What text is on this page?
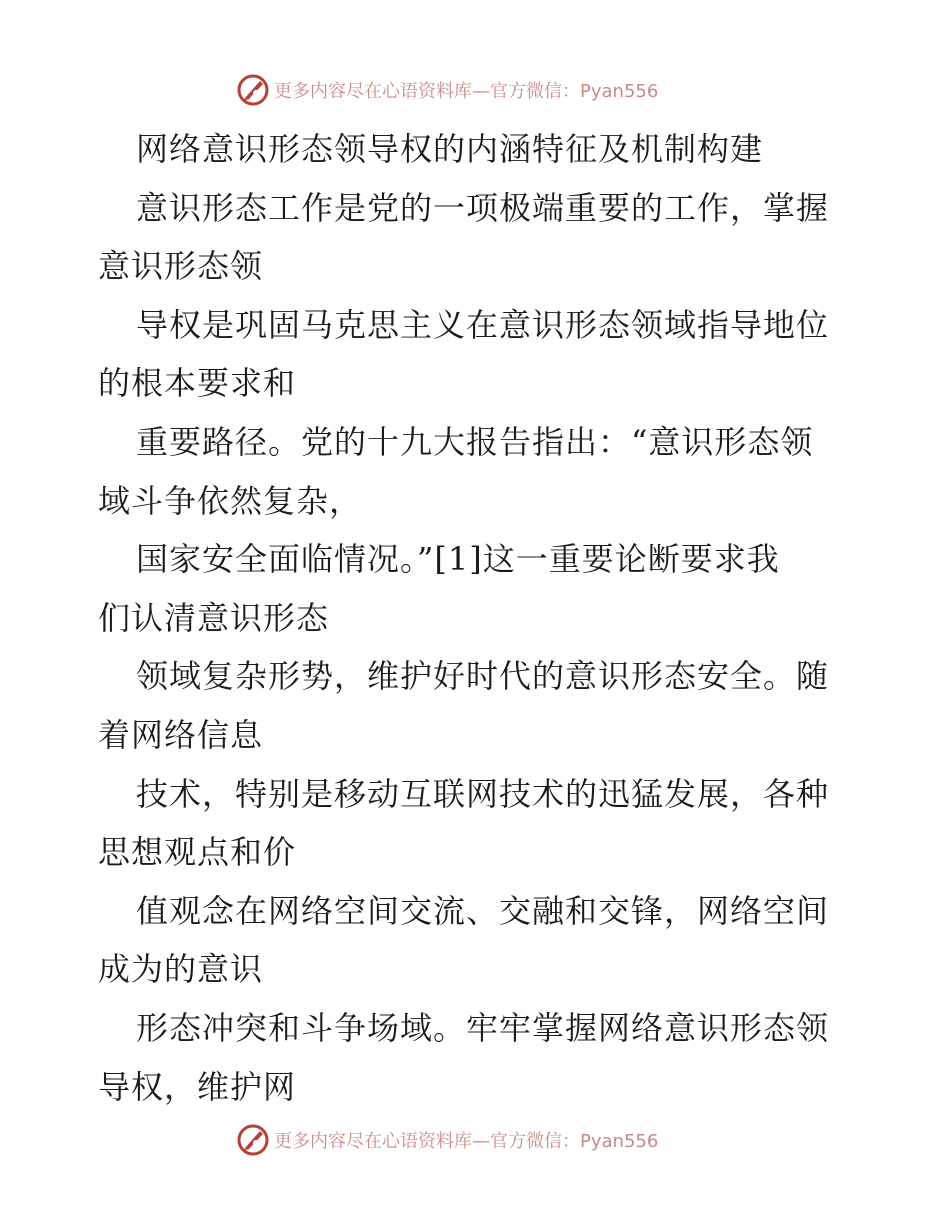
更多内容尽在心语资料库—官方微信：Pyan556
网络意识形态领导权的内涵特征及机制构建
意识形态工作是党的一项极端重要的工作，掌握
意识形态领
导权是巩固马克思主义在意识形态领域指导地位
的根本要求和
重要路径。党的十九大报告指出：“意识形态领
域斗争依然复杂，
国家安全面临情况。”[1]这一重要论断要求我
们认清意识形态
领域复杂形势，维护好时代的意识形态安全。随
着网络信息
技术，特别是移动互联网技术的迅猛发展，各种
思想观点和价
值观念在网络空间交流、交融和交锋，网络空间
成为的意识
形态冲突和斗争场域。牢牢掌握网络意识形态领
导权，维护网
更多内容尽在心语资料库—官方微信：Pyan556
